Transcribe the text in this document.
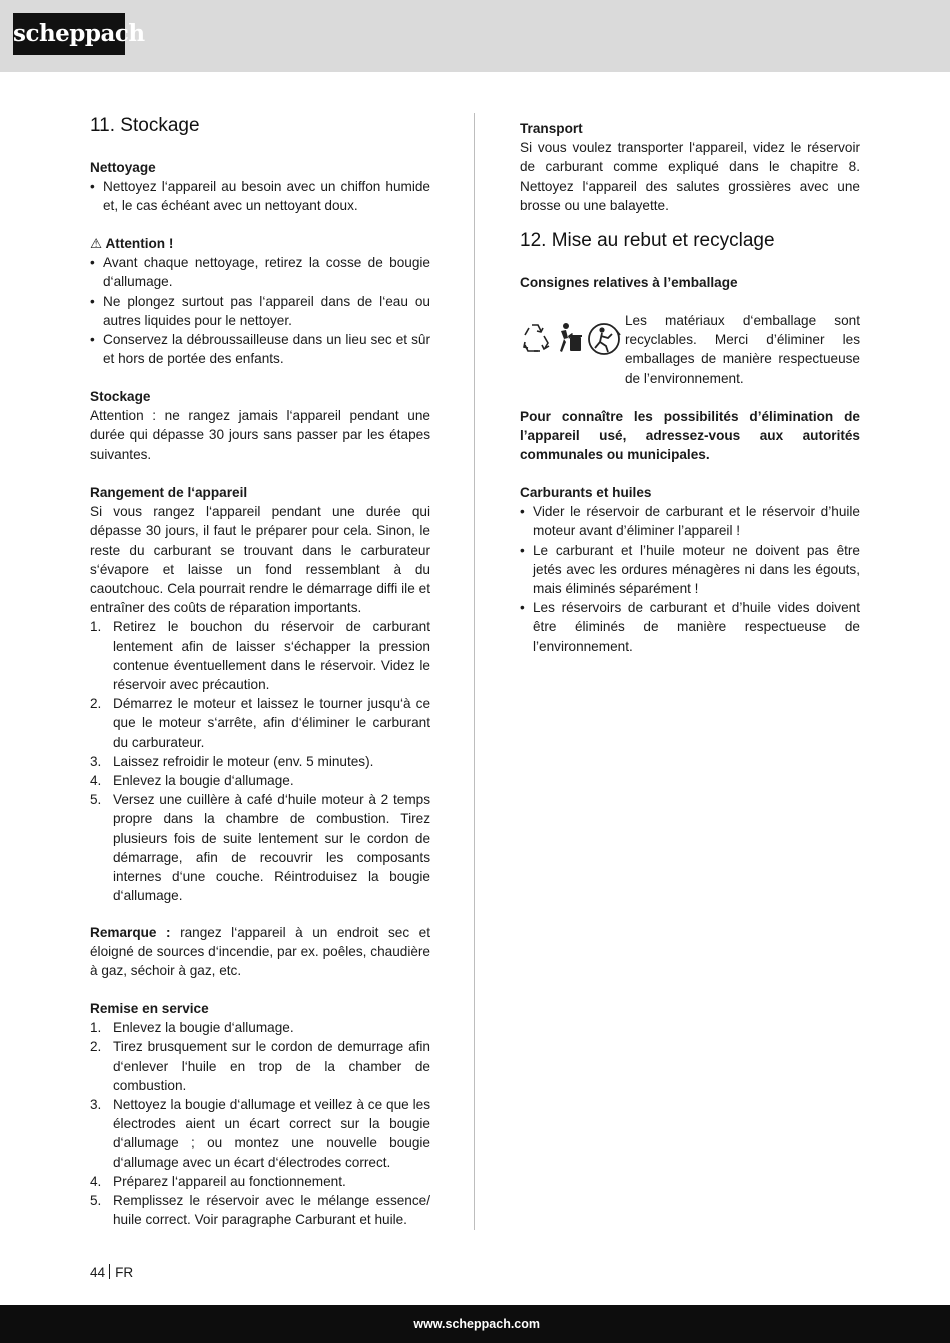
scheppach
11. Stockage

Nettoyage

• Nettoyez l‘appareil au besoin avec un chiffon humide et, le cas échéant avec un nettoyant doux.

⚠ Attention !

• Avant chaque nettoyage, retirez la cosse de bougie d‘allumage.
• Ne plongez surtout pas l‘appareil dans de l‘eau ou autres liquides pour le nettoyer.
• Conservez la débroussailleuse dans un lieu sec et sûr et hors de portée des enfants.

Stockage

Attention : ne rangez jamais l‘appareil pendant une durée qui dépasse 30 jours sans passer par les étapes suivantes.

Rangement de l‘appareil

Si vous rangez l‘appareil pendant une durée qui dépasse 30 jours, il faut le préparer pour cela. Sinon, le reste du carburant se trouvant dans le carburateur s‘évapore et laisse un fond ressemblant à du caoutchouc. Cela pourrait rendre le démarrage diffi ile et entraîner des coûts de réparation importants.

1. Retirez le bouchon du réservoir de carburant lentement afin de laisser s‘échapper la pression contenue éventuellement dans le réservoir. Videz le réservoir avec précaution.
2. Démarrez le moteur et laissez le tourner jusqu‘à ce que le moteur s‘arrête, afin d‘éliminer le carburant du carburateur.
3. Laissez refroidir le moteur (env. 5 minutes).
4. Enlevez la bougie d‘allumage.
5. Versez une cuillère à café d‘huile moteur à 2 temps propre dans la chambre de combustion. Tirez plusieurs fois de suite lentement sur le cordon de démarrage, afin de recouvrir les composants internes d‘une couche. Réintroduisez la bougie d‘allumage.
Remarque : rangez l‘appareil à un endroit sec et éloigné de sources d‘incendie, par ex. poêles, chaudière à gaz, séchoir à gaz, etc.

Remise en service

1. Enlevez la bougie d‘allumage.
2. Tirez brusquement sur le cordon de demurrage afin d‘enlever l‘huile en trop de la chamber de combustion.
3. Nettoyez la bougie d‘allumage et veillez à ce que les électrodes aient un écart correct sur la bougie d‘allumage ; ou montez une nouvelle bougie d‘allumage avec un écart d‘électrodes correct.
4. Préparez l‘appareil au fonctionnement.
5. Remplissez le réservoir avec le mélange essence/ huile correct. Voir paragraphe Carburant et huile.

Transport

Si vous voulez transporter l‘appareil, videz le réservoir de carburant comme expliqué dans le chapitre 8. Nettoyez l‘appareil des salutes grossières avec une brosse ou une balayette.

12. Mise au rebut et recyclage

Consignes relatives à l’emballage

Les matériaux d‘emballage sont recyclables. Merci d’éliminer les emballages de manière respectueuse de l’environnement.
Pour connaître les possibilités d’élimination de l’appareil usé, adressez-vous aux autorités communales ou municipales.

Carburants et huiles

• Vider le réservoir de carburant et le réservoir d’huile moteur avant d’éliminer l’appareil !
• Le carburant et l’huile moteur ne doivent pas être jetés avec les ordures ménagères ni dans les égouts, mais éliminés séparément !
• Les réservoirs de carburant et d’huile vides doivent être éliminés de manière respectueuse de l’environnement.
44 FR
www.scheppach.com
